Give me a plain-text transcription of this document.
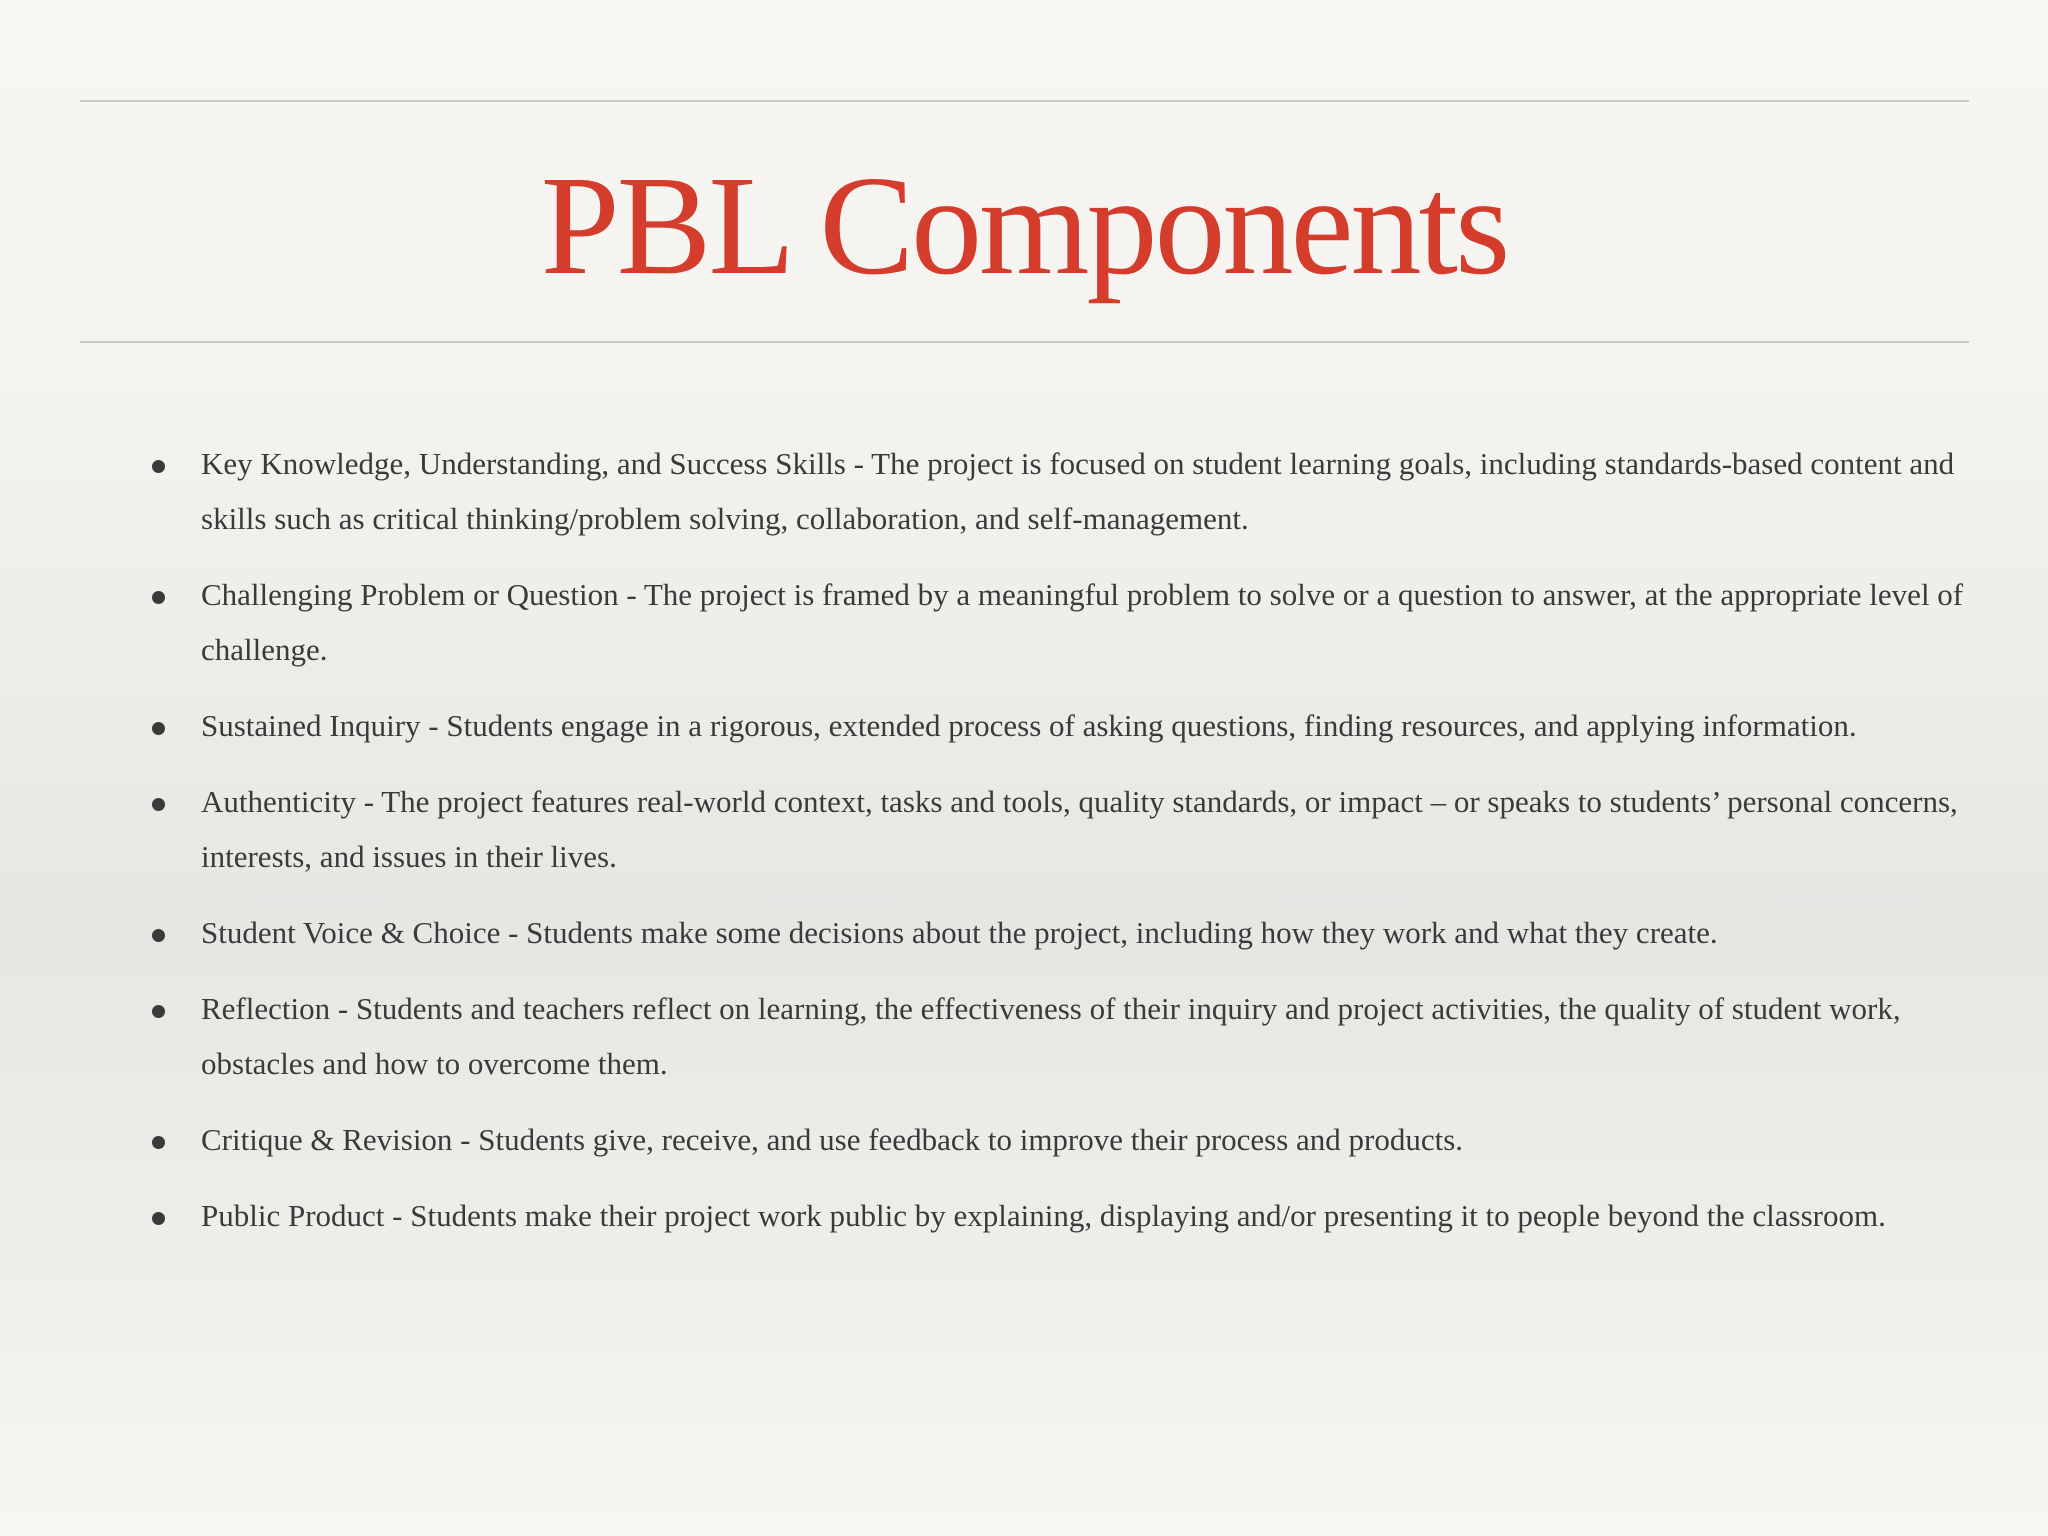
PBL Components
Key Knowledge, Understanding, and Success Skills - The project is focused on student learning goals, including standards-based content and skills such as critical thinking/problem solving, collaboration, and self-management.
Challenging Problem or Question - The project is framed by a meaningful problem to solve or a question to answer, at the appropriate level of challenge.
Sustained Inquiry - Students engage in a rigorous, extended process of asking questions, finding resources, and applying information.
Authenticity - The project features real-world context, tasks and tools, quality standards, or impact – or speaks to students’ personal concerns, interests, and issues in their lives.
Student Voice & Choice - Students make some decisions about the project, including how they work and what they create.
Reflection - Students and teachers reflect on learning, the effectiveness of their inquiry and project activities, the quality of student work, obstacles and how to overcome them.
Critique & Revision - Students give, receive, and use feedback to improve their process and products.
Public Product - Students make their project work public by explaining, displaying and/or presenting it to people beyond the classroom.
